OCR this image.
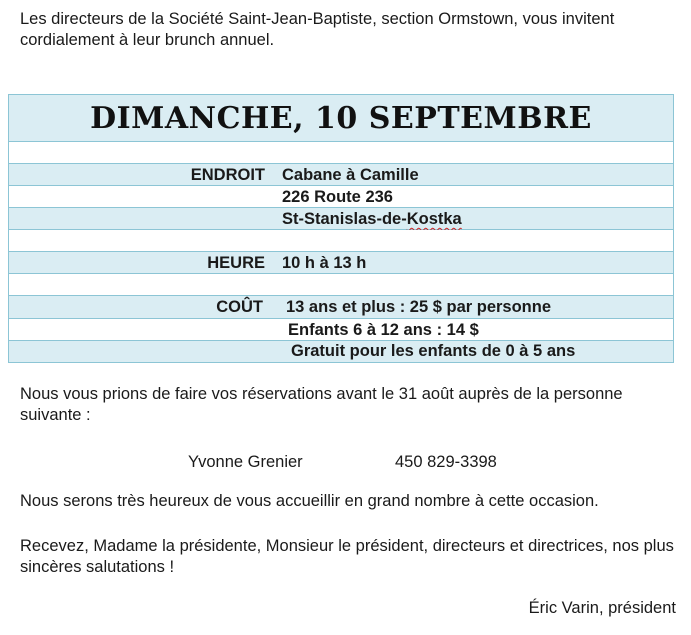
Les directeurs de la Société Saint-Jean-Baptiste, section Ormstown, vous invitent cordialement à leur brunch annuel.

DIMANCHE, 10 SEPTEMBRE
ENDROIT Cabane à Camille
226 Route 236
St-Stanislas-de-Kostka
HEURE 10 h à 13 h
COÛT 13 ans et plus : 25 $ par personne
Enfants 6 à 12 ans : 14 $
Gratuit pour les enfants de 0 à 5 ans

Nous vous prions de faire vos réservations avant le 31 août auprès de la personne suivante :

Yvonne Grenier	450 829-3398

Nous serons très heureux de vous accueillir en grand nombre à cette occasion.

Recevez, Madame la présidente, Monsieur le président, directeurs et directrices, nos plus sincères salutations !

Éric Varin, président
